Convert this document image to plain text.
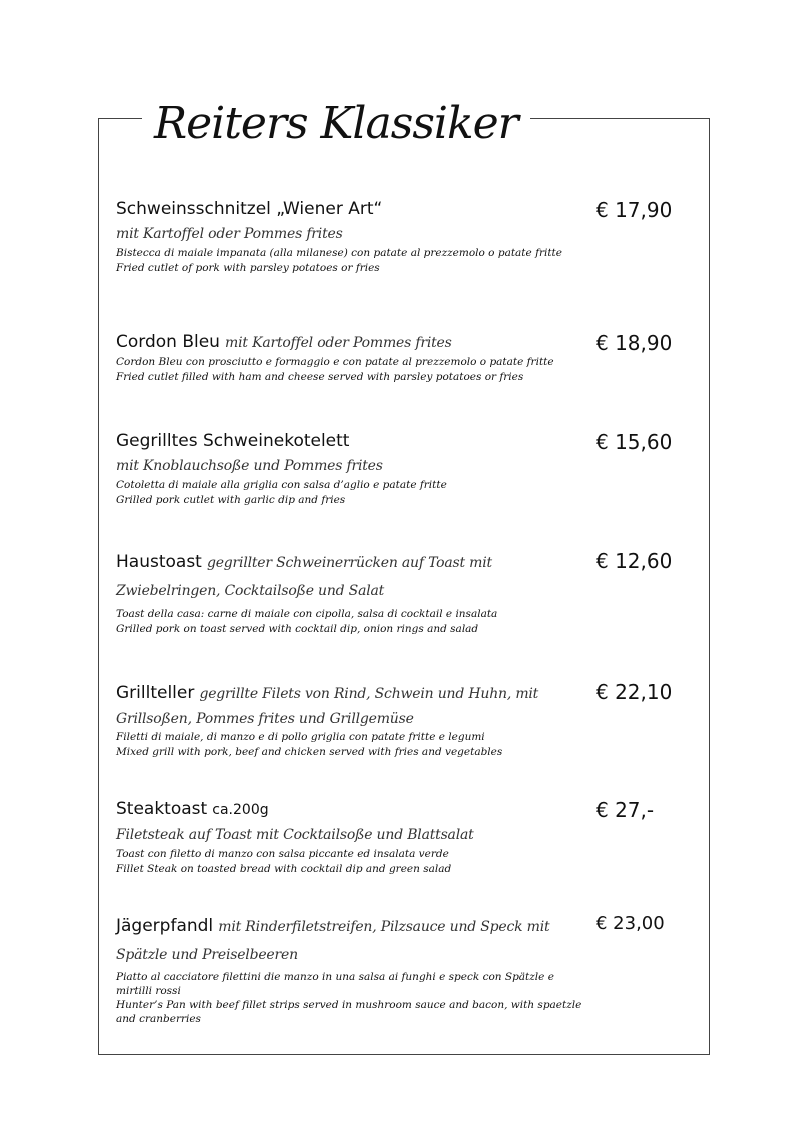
Reiters Klassiker
Schweinsschnitzel „Wiener Art“
mit Kartoffel oder Pommes frites
Bistecca di maiale impanata (alla milanese) con patate al prezzemolo o patate fritte
Fried cutlet of pork with parsley potatoes or fries
€ 17,90
Cordon Bleu mit Kartoffel oder Pommes frites
Cordon Bleu con prosciutto e formaggio e con patate al prezzemolo o patate fritte
Fried cutlet filled with ham and cheese served with parsley potatoes or fries
€ 18,90
Gegrilltes Schweinekotelett
mit Knoblauchsoße und Pommes frites
Cotoletta di maiale alla griglia con salsa d’aglio e patate fritte
Grilled pork cutlet with garlic dip and fries
€ 15,60
Haustoast gegrillter Schweinerrücken auf Toast mit
Zwiebelringen, Cocktailsoße und Salat
Toast della casa: carne di maiale con cipolla, salsa di cocktail e insalata
Grilled pork on toast served with cocktail dip, onion rings and salad
€ 12,60
Grillteller gegrillte Filets von Rind, Schwein und Huhn, mit
Grillsoßen, Pommes frites und Grillgemüse
Filetti di maiale, di manzo e di pollo griglia con patate fritte e legumi
Mixed grill with pork, beef and chicken served with fries and vegetables
€ 22,10
Steaktoast ca.200g
Filetsteak auf Toast mit Cocktailsoße und Blattsalat
Toast con filetto di manzo con salsa piccante ed insalata verde
Fillet Steak on toasted bread with cocktail dip and green salad
€ 27,-
Jägerpfandl mit Rinderfiletstreifen, Pilzsauce und Speck mit
Spätzle und Preiselbeeren
Piatto al cacciatore filettini die manzo in una salsa ai funghi e speck con Spätzle e mirtilli rossi
Hunter’s Pan with beef fillet strips served in mushroom sauce and bacon, with spaetzle and cranberries
€ 23,00
